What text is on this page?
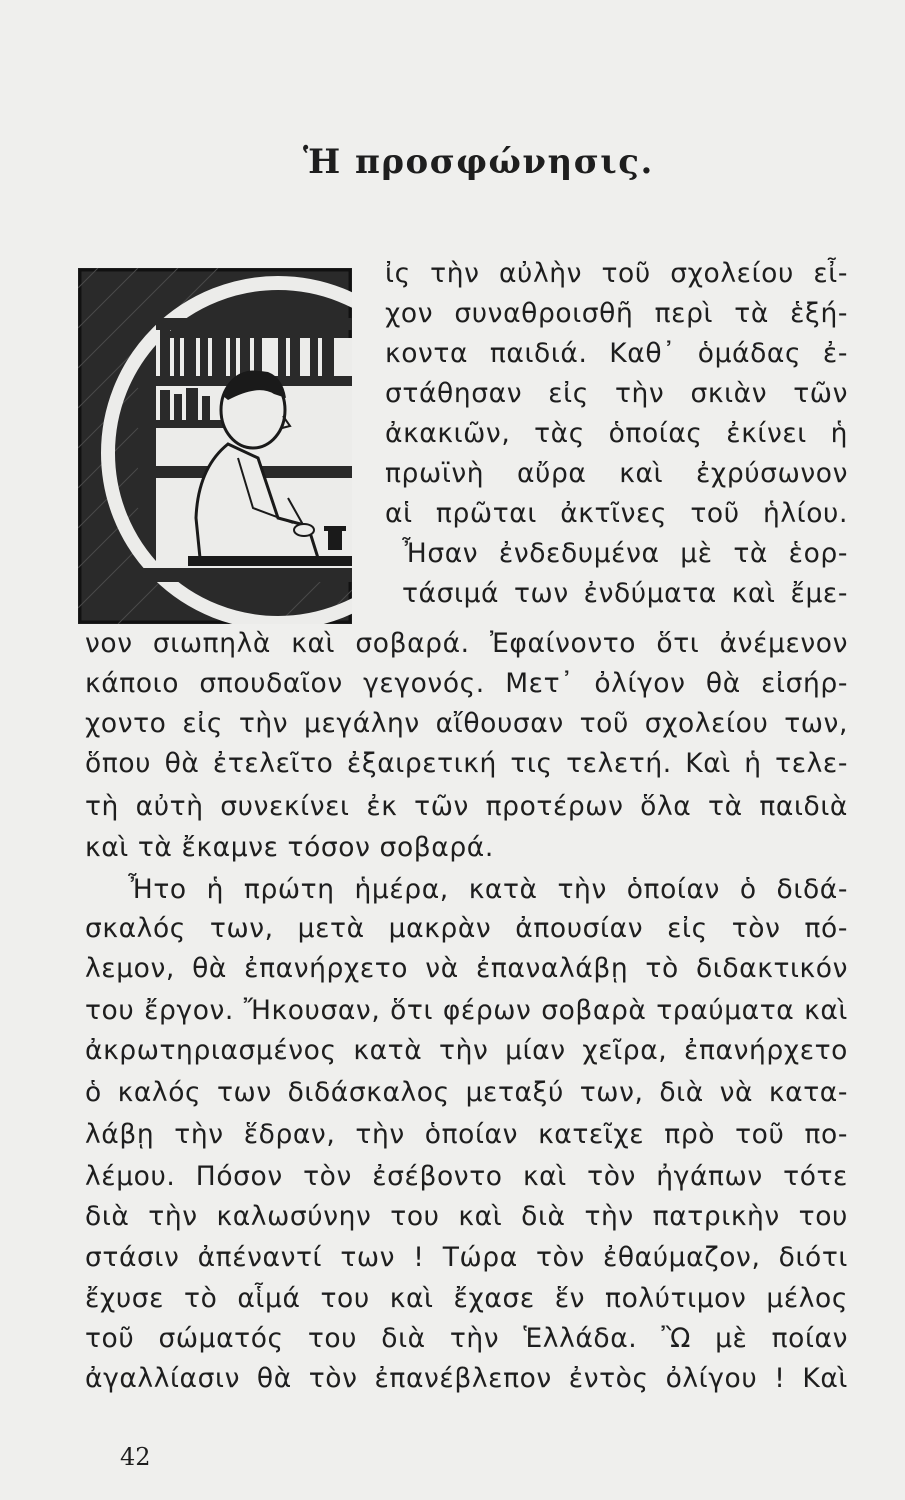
Ἡ προσφώνησις.

ἰς τὴν αὐλὴν τοῦ σχολείου εἶ-

χον συναθροισθῆ περὶ τὰ ἑξή-

κοντα παιδιά. Καθ᾽ ὁμάδας ἐ-

στάθησαν εἰς τὴν σκιὰν τῶν

ἀκακιῶν, τὰς ὁποίας ἐκίνει ἡ

πρωϊνὴ αὔρα καὶ ἐχρύσωνον

αἱ πρῶται ἀκτῖνες τοῦ ἡλίου.

Ἦσαν ἐνδεδυμένα μὲ τὰ ἑορ-

τάσιμά των ἐνδύματα καὶ ἔμε-

νον σιωπηλὰ καὶ σοβαρά. Ἐφαίνοντο ὅτι ἀνέμενον

κάποιο σπουδαῖον γεγονός. Μετ᾽ ὀλίγον θὰ εἰσήρ-

χοντο εἰς τὴν μεγάλην αἴθουσαν τοῦ σχολείου των,

ὅπου θὰ ἐτελεῖτο ἐξαιρετική τις τελετή. Καὶ ἡ τελε-

τὴ αὐτὴ συνεκίνει ἐκ τῶν προτέρων ὅλα τὰ παιδιὰ

καὶ τὰ ἔκαμνε τόσον σοβαρά.

Ἦτο ἡ πρώτη ἡμέρα, κατὰ τὴν ὁποίαν ὁ διδά-

σκαλός των, μετὰ μακρὰν ἀπουσίαν εἰς τὸν πό-

λεμον, θὰ ἐπανήρχετο νὰ ἐπαναλάβῃ τὸ διδακτικόν

του ἔργον. Ἤκουσαν, ὅτι φέρων σοβαρὰ τραύματα καὶ

ἀκρωτηριασμένος κατὰ τὴν μίαν χεῖρα, ἐπανήρχετο

ὁ καλός των διδάσκαλος μεταξύ των, διὰ νὰ κατα-

λάβῃ τὴν ἕδραν, τὴν ὁποίαν κατεῖχε πρὸ τοῦ πο-

λέμου. Πόσον τὸν ἐσέβοντο καὶ τὸν ἠγάπων τότε

διὰ τὴν καλωσύνην του καὶ διὰ τὴν πατρικὴν του

στάσιν ἀπέναντί των ! Τώρα τὸν ἐθαύμαζον, διότι

ἔχυσε τὸ αἷμά του καὶ ἔχασε ἕν πολύτιμον μέλος

τοῦ σώματός του διὰ τὴν Ἑλλάδα. Ὢ μὲ ποίαν

ἀγαλλίασιν θὰ τὸν ἐπανέβλεπον ἐντὸς ὀλίγου ! Καὶ

42
